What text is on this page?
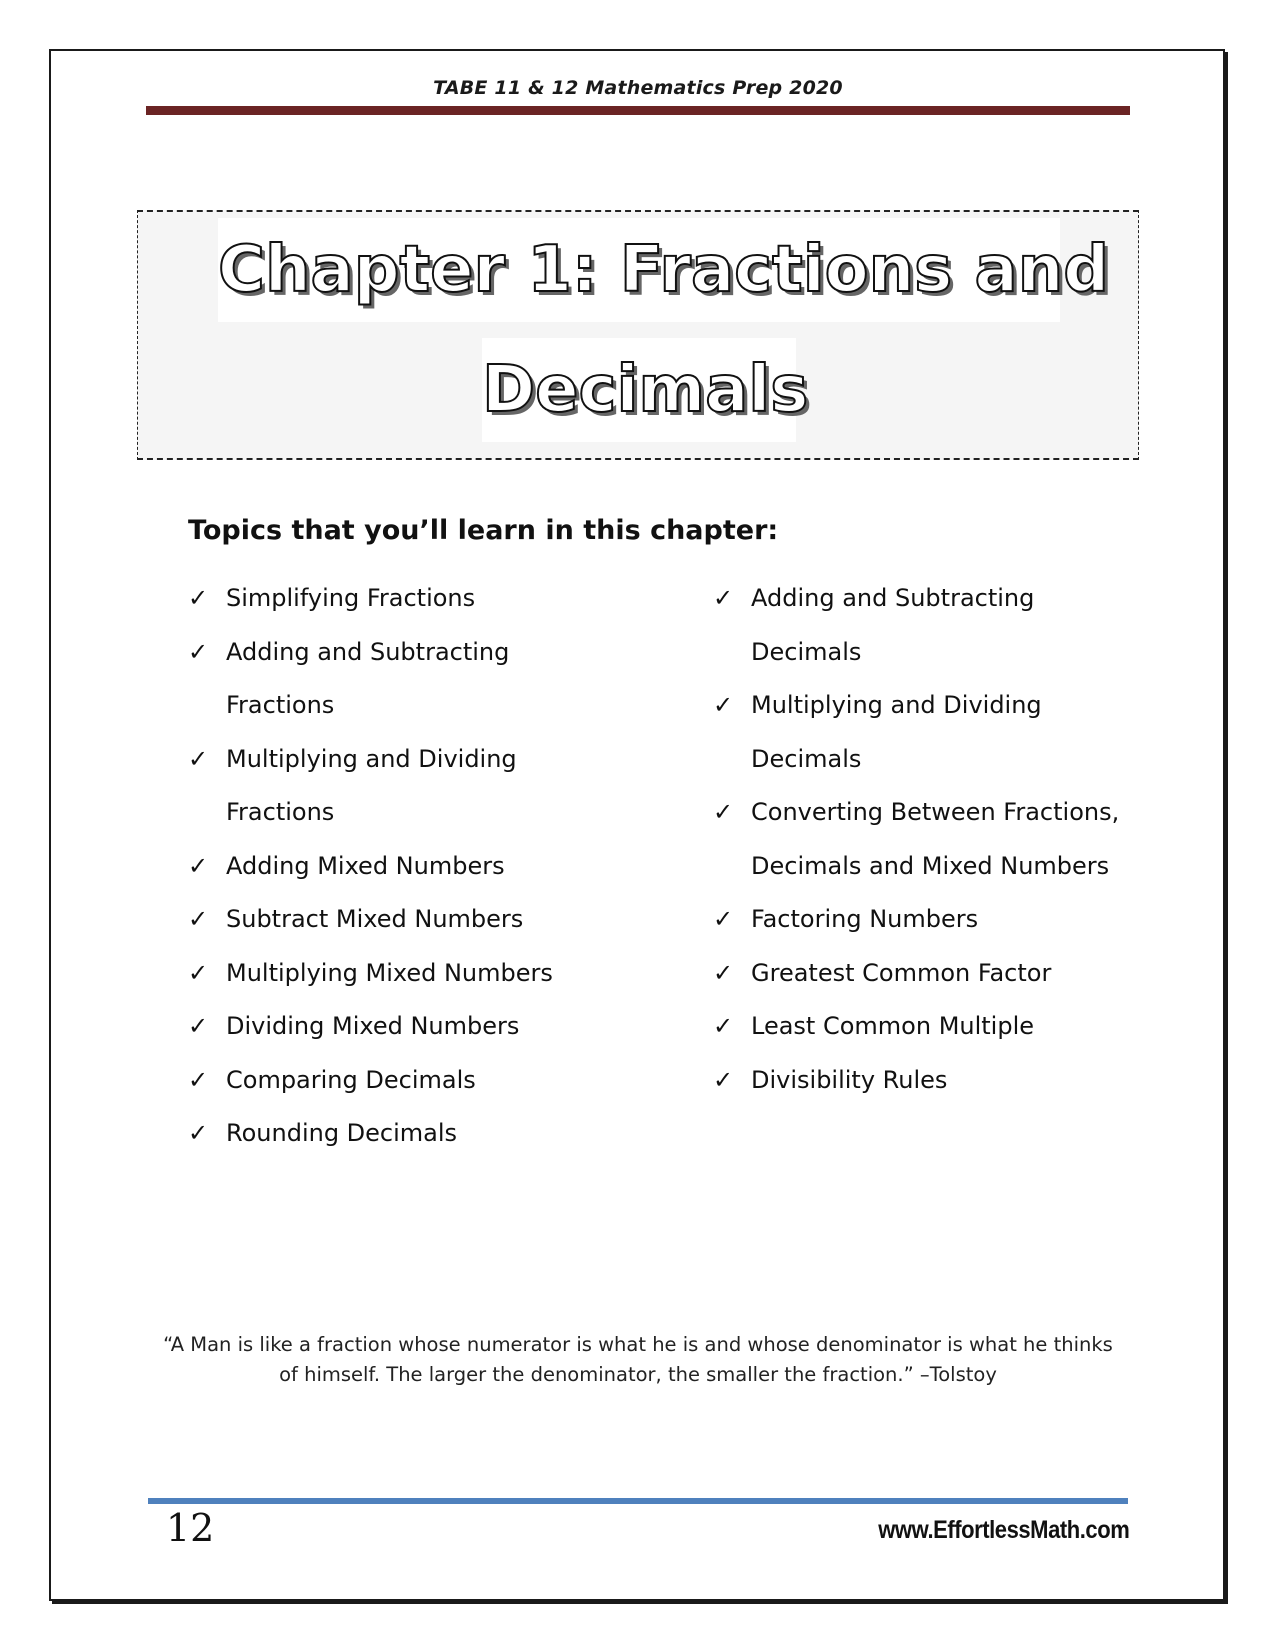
TABE 11 & 12 Mathematics Prep 2020
Chapter 1: Fractions and
Decimals
Topics that you’ll learn in this chapter:
✓ Simplifying Fractions
✓ Adding and Subtracting Fractions
✓ Multiplying and Dividing Fractions
✓ Adding Mixed Numbers
✓ Subtract Mixed Numbers
✓ Multiplying Mixed Numbers
✓ Dividing Mixed Numbers
✓ Comparing Decimals
✓ Rounding Decimals
✓ Adding and Subtracting Decimals
✓ Multiplying and Dividing Decimals
✓ Converting Between Fractions, Decimals and Mixed Numbers
✓ Factoring Numbers
✓ Greatest Common Factor
✓ Least Common Multiple
✓ Divisibility Rules
“A Man is like a fraction whose numerator is what he is and whose denominator is what he thinks of himself. The larger the denominator, the smaller the fraction.” –Tolstoy
12	www.EffortlessMath.com
